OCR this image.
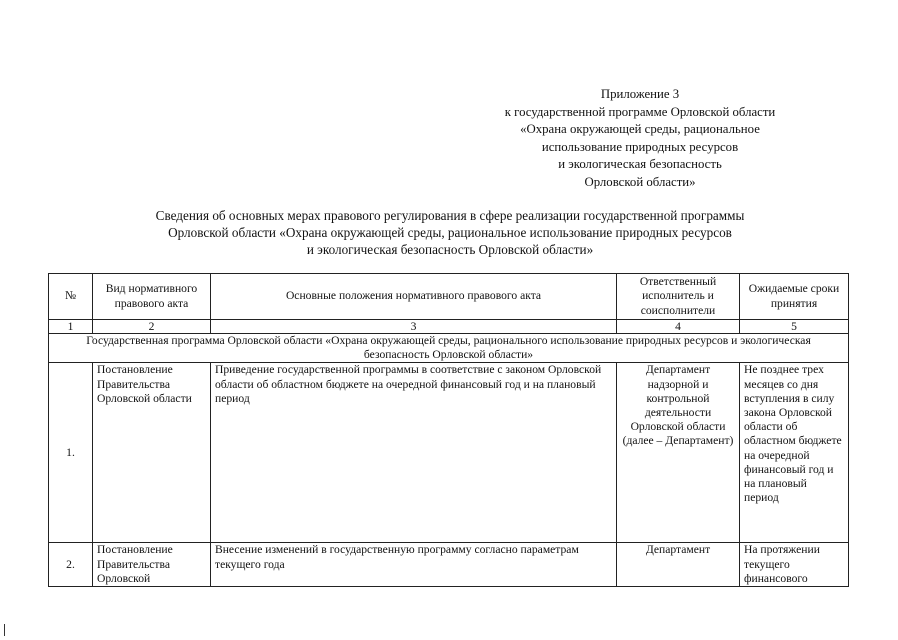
Приложение 3
к государственной программе Орловской области
«Охрана окружающей среды, рациональное
использование природных ресурсов
и экологическая безопасность
Орловской области»
Сведения об основных мерах правового регулирования в сфере реализации государственной программы
Орловской области «Охрана окружающей среды, рациональное использование природных ресурсов
и экологическая безопасность Орловской области»
№	Вид нормативного правового акта	Основные положения нормативного правового акта	Ответственный исполнитель и соисполнители	Ожидаемые сроки принятия
1	2	3	4	5
Государственная программа Орловской области «Охрана окружающей среды, рационального использование природных ресурсов и экологическая безопасность Орловской области»				
1.	Постановление Правительства Орловской области	Приведение государственной программы в соответствие с законом Орловской области об областном бюджете на очередной финансовый год и на плановый период	Департамент надзорной и контрольной деятельности Орловской области (далее – Департамент)	Не позднее трех месяцев со дня вступления в силу закона Орловской области об областном бюджете на очередной финансовый год и на плановый период
2.	Постановление Правительства Орловской	Внесение изменений в государственную программу согласно параметрам текущего года	Департамент	На протяжении текущего финансового
